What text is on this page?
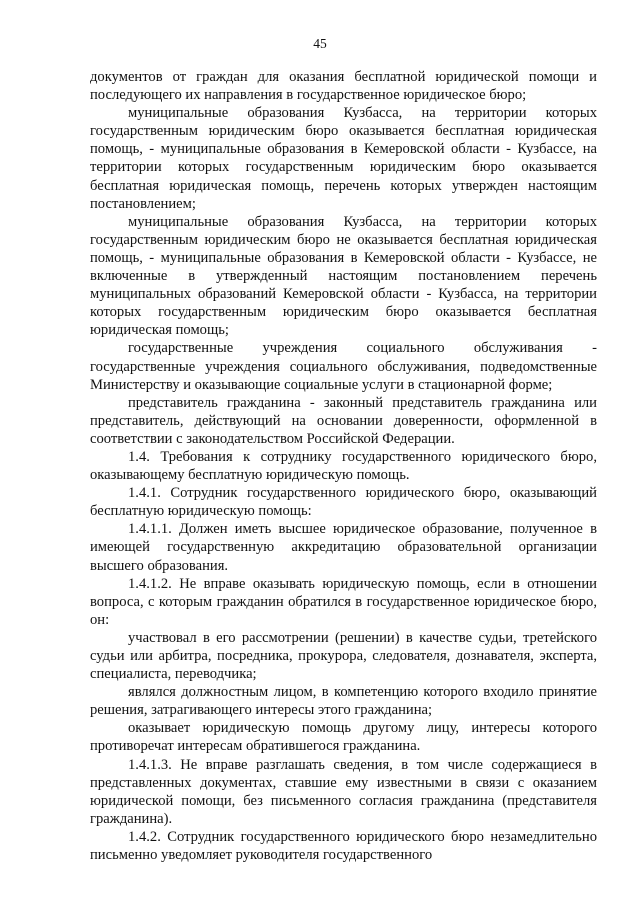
45

документов от граждан для оказания бесплатной юридической помощи и последующего их направления в государственное юридическое бюро;

муниципальные образования Кузбасса, на территории которых государственным юридическим бюро оказывается бесплатная юридическая помощь, - муниципальные образования в Кемеровской области - Кузбассе, на территории которых государственным юридическим бюро оказывается бесплатная юридическая помощь, перечень которых утвержден настоящим постановлением;

муниципальные образования Кузбасса, на территории которых государственным юридическим бюро не оказывается бесплатная юридическая помощь, - муниципальные образования в Кемеровской области - Кузбассе, не включенные в утвержденный настоящим постановлением перечень муниципальных образований Кемеровской области - Кузбасса, на территории которых государственным юридическим бюро оказывается бесплатная юридическая помощь;

государственные учреждения социального обслуживания - государственные учреждения социального обслуживания, подведомственные Министерству и оказывающие социальные услуги в стационарной форме;

представитель гражданина - законный представитель гражданина или представитель, действующий на основании доверенности, оформленной в соответствии с законодательством Российской Федерации.

1.4. Требования к сотруднику государственного юридического бюро, оказывающему бесплатную юридическую помощь.

1.4.1. Сотрудник государственного юридического бюро, оказывающий бесплатную юридическую помощь:

1.4.1.1. Должен иметь высшее юридическое образование, полученное в имеющей государственную аккредитацию образовательной организации высшего образования.

1.4.1.2. Не вправе оказывать юридическую помощь, если в отношении вопроса, с которым гражданин обратился в государственное юридическое бюро, он:

участвовал в его рассмотрении (решении) в качестве судьи, третейского судьи или арбитра, посредника, прокурора, следователя, дознавателя, эксперта, специалиста, переводчика;

являлся должностным лицом, в компетенцию которого входило принятие решения, затрагивающего интересы этого гражданина;

оказывает юридическую помощь другому лицу, интересы которого противоречат интересам обратившегося гражданина.

1.4.1.3. Не вправе разглашать сведения, в том числе содержащиеся в представленных документах, ставшие ему известными в связи с оказанием юридической помощи, без письменного согласия гражданина (представителя гражданина).

1.4.2. Сотрудник государственного юридического бюро незамедлительно письменно уведомляет руководителя государственного
